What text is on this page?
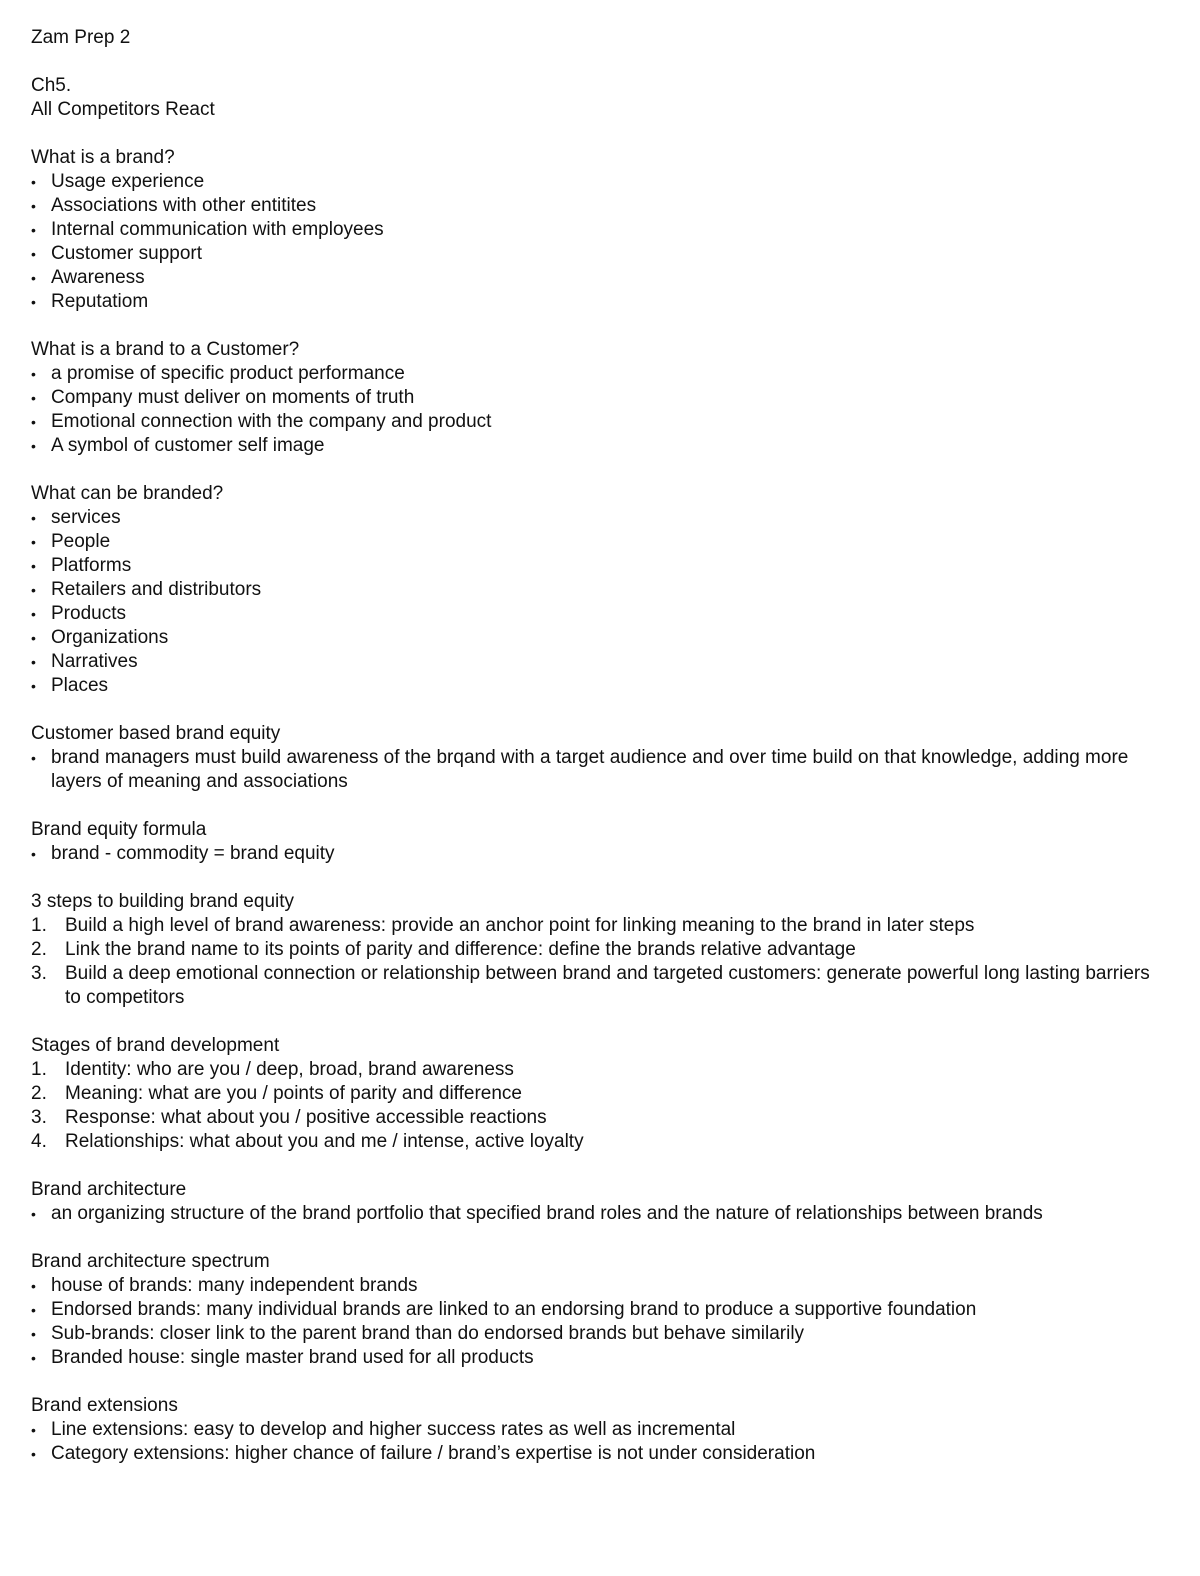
Zam Prep 2

Ch5.

All Competitors React

What is a brand?

• Usage experience
• Associations with other entitites
• Internal communication with employees
• Customer support
• Awareness
• Reputatiom

What is a brand to a Customer?

• a promise of specific product performance
• Company must deliver on moments of truth
• Emotional connection with the company and product
• A symbol of customer self image

What can be branded?

• services
• People
• Platforms
• Retailers and distributors
• Products
• Organizations
• Narratives
• Places

Customer based brand equity

• brand managers must build awareness of the brqand with a target audience and over time build on that knowledge, adding more layers of meaning and associations

Brand equity formula

• brand - commodity = brand equity

3 steps to building brand equity

1. Build a high level of brand awareness: provide an anchor point for linking meaning to the brand in later steps
2. Link the brand name to its points of parity and difference: define the brands relative advantage
3. Build a deep emotional connection or relationship between brand and targeted customers: generate powerful long lasting barriers to competitors

Stages of brand development

1. Identity: who are you / deep, broad, brand awareness
2. Meaning: what are you / points of parity and difference
3. Response: what about you / positive accessible reactions
4. Relationships: what about you and me / intense, active loyalty

Brand architecture

• an organizing structure of the brand portfolio that specified brand roles and the nature of relationships between brands

Brand architecture spectrum

• house of brands: many independent brands
• Endorsed brands: many individual brands are linked to an endorsing brand to produce a supportive foundation
• Sub-brands: closer link to the parent brand than do endorsed brands but behave similarily
• Branded house: single master brand used for all products

Brand extensions

• Line extensions: easy to develop and higher success rates as well as incremental
• Category extensions: higher chance of failure / brand’s expertise is not under consideration
